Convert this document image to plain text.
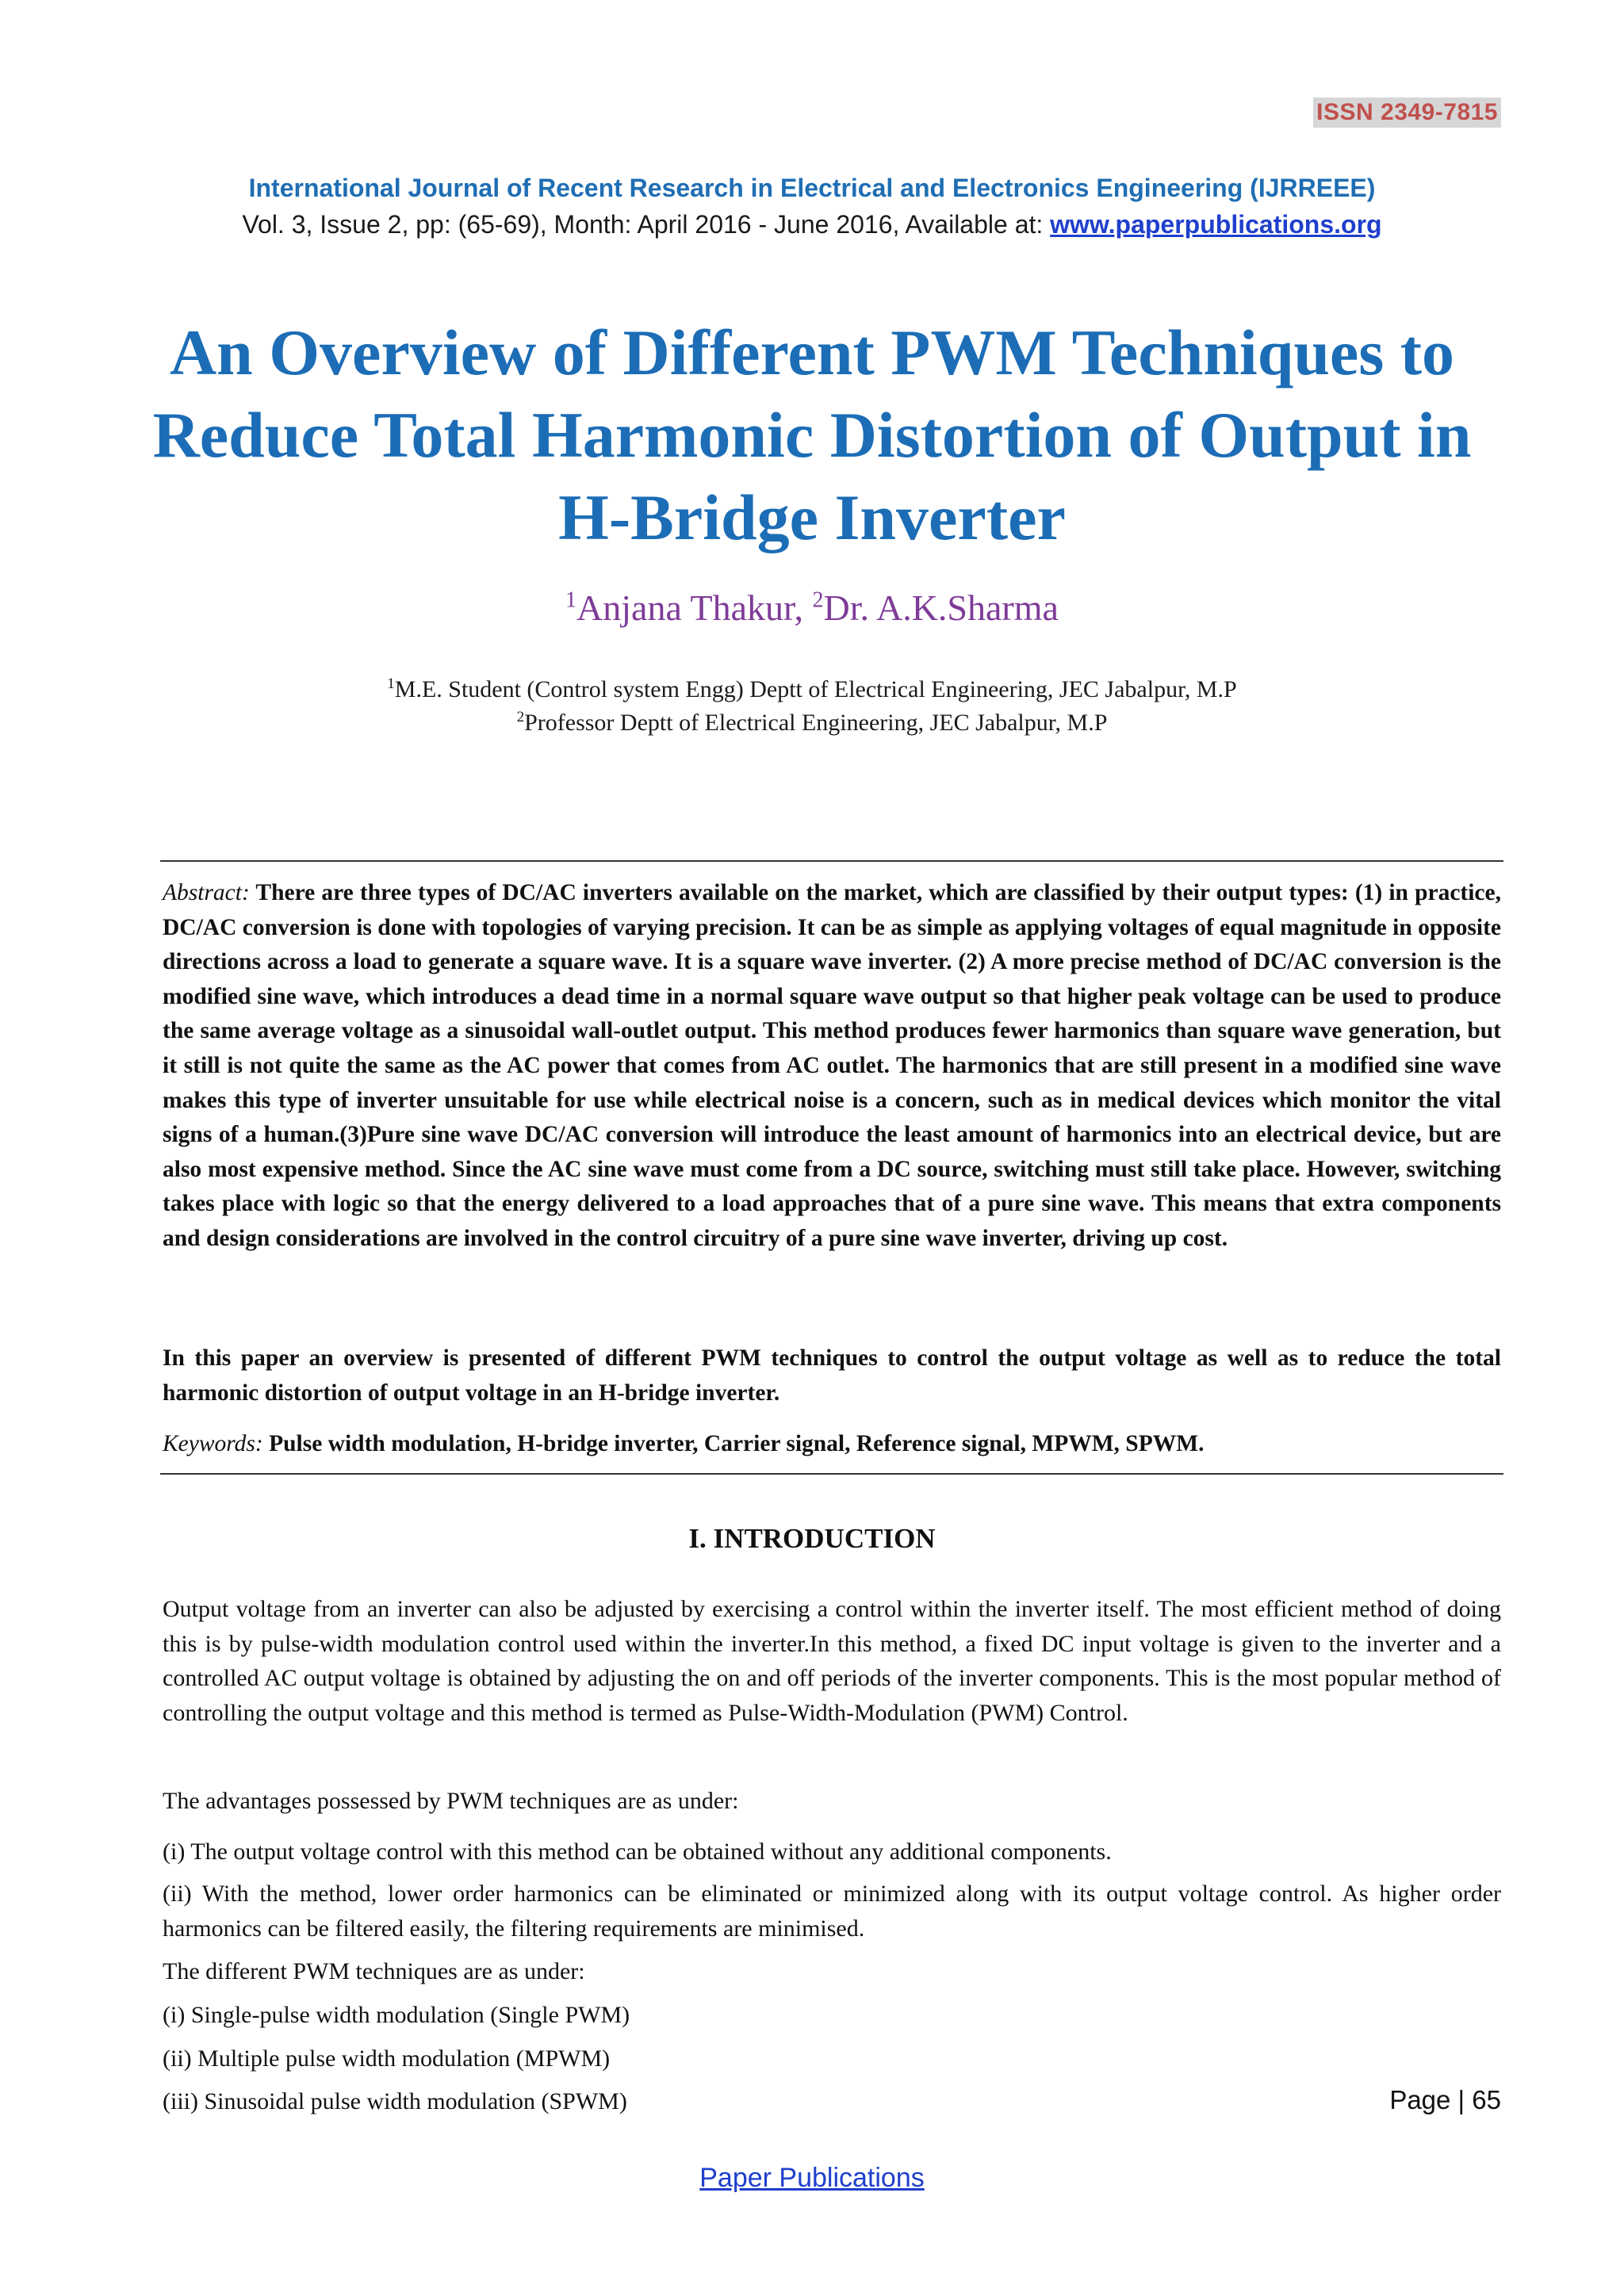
ISSN 2349-7815
International Journal of Recent Research in Electrical and Electronics Engineering (IJRREEE)
Vol. 3, Issue 2, pp: (65-69), Month: April 2016 - June 2016, Available at: www.paperpublications.org
An Overview of Different PWM Techniques to Reduce Total Harmonic Distortion of Output in H-Bridge Inverter
$^1$Anjana Thakur, $^2$Dr. A.K.Sharma
$^1$M.E. Student (Control system Engg) Deptt of Electrical Engineering, JEC Jabalpur, M.P
$^2$Professor Deptt of Electrical Engineering, JEC Jabalpur, M.P
Abstract: There are three types of DC/AC inverters available on the market, which are classified by their output types: (1) in practice, DC/AC conversion is done with topologies of varying precision. It can be as simple as applying voltages of equal magnitude in opposite directions across a load to generate a square wave. It is a square wave inverter. (2) A more precise method of DC/AC conversion is the modified sine wave, which introduces a dead time in a normal square wave output so that higher peak voltage can be used to produce the same average voltage as a sinusoidal wall-outlet output. This method produces fewer harmonics than square wave generation, but it still is not quite the same as the AC power that comes from AC outlet. The harmonics that are still present in a modified sine wave makes this type of inverter unsuitable for use while electrical noise is a concern, such as in medical devices which monitor the vital signs of a human.(3)Pure sine wave DC/AC conversion will introduce the least amount of harmonics into an electrical device, but are also most expensive method. Since the AC sine wave must come from a DC source, switching must still take place. However, switching takes place with logic so that the energy delivered to a load approaches that of a pure sine wave. This means that extra components and design considerations are involved in the control circuitry of a pure sine wave inverter, driving up cost.
In this paper an overview is presented of different PWM techniques to control the output voltage as well as to reduce the total harmonic distortion of output voltage in an H-bridge inverter.
Keywords: Pulse width modulation, H-bridge inverter, Carrier signal, Reference signal, MPWM, SPWM.
I. INTRODUCTION
Output voltage from an inverter can also be adjusted by exercising a control within the inverter itself. The most efficient method of doing this is by pulse-width modulation control used within the inverter.In this method, a fixed DC input voltage is given to the inverter and a controlled AC output voltage is obtained by adjusting the on and off periods of the inverter components. This is the most popular method of controlling the output voltage and this method is termed as Pulse-Width-Modulation (PWM) Control.
The advantages possessed by PWM techniques are as under:
(i) The output voltage control with this method can be obtained without any additional components.
(ii) With the method, lower order harmonics can be eliminated or minimized along with its output voltage control. As higher order harmonics can be filtered easily, the filtering requirements are minimised.
The different PWM techniques are as under:
(i) Single-pulse width modulation (Single PWM)
(ii) Multiple pulse width modulation (MPWM)
(iii) Sinusoidal pulse width modulation (SPWM)	Page | 65
Paper Publications
